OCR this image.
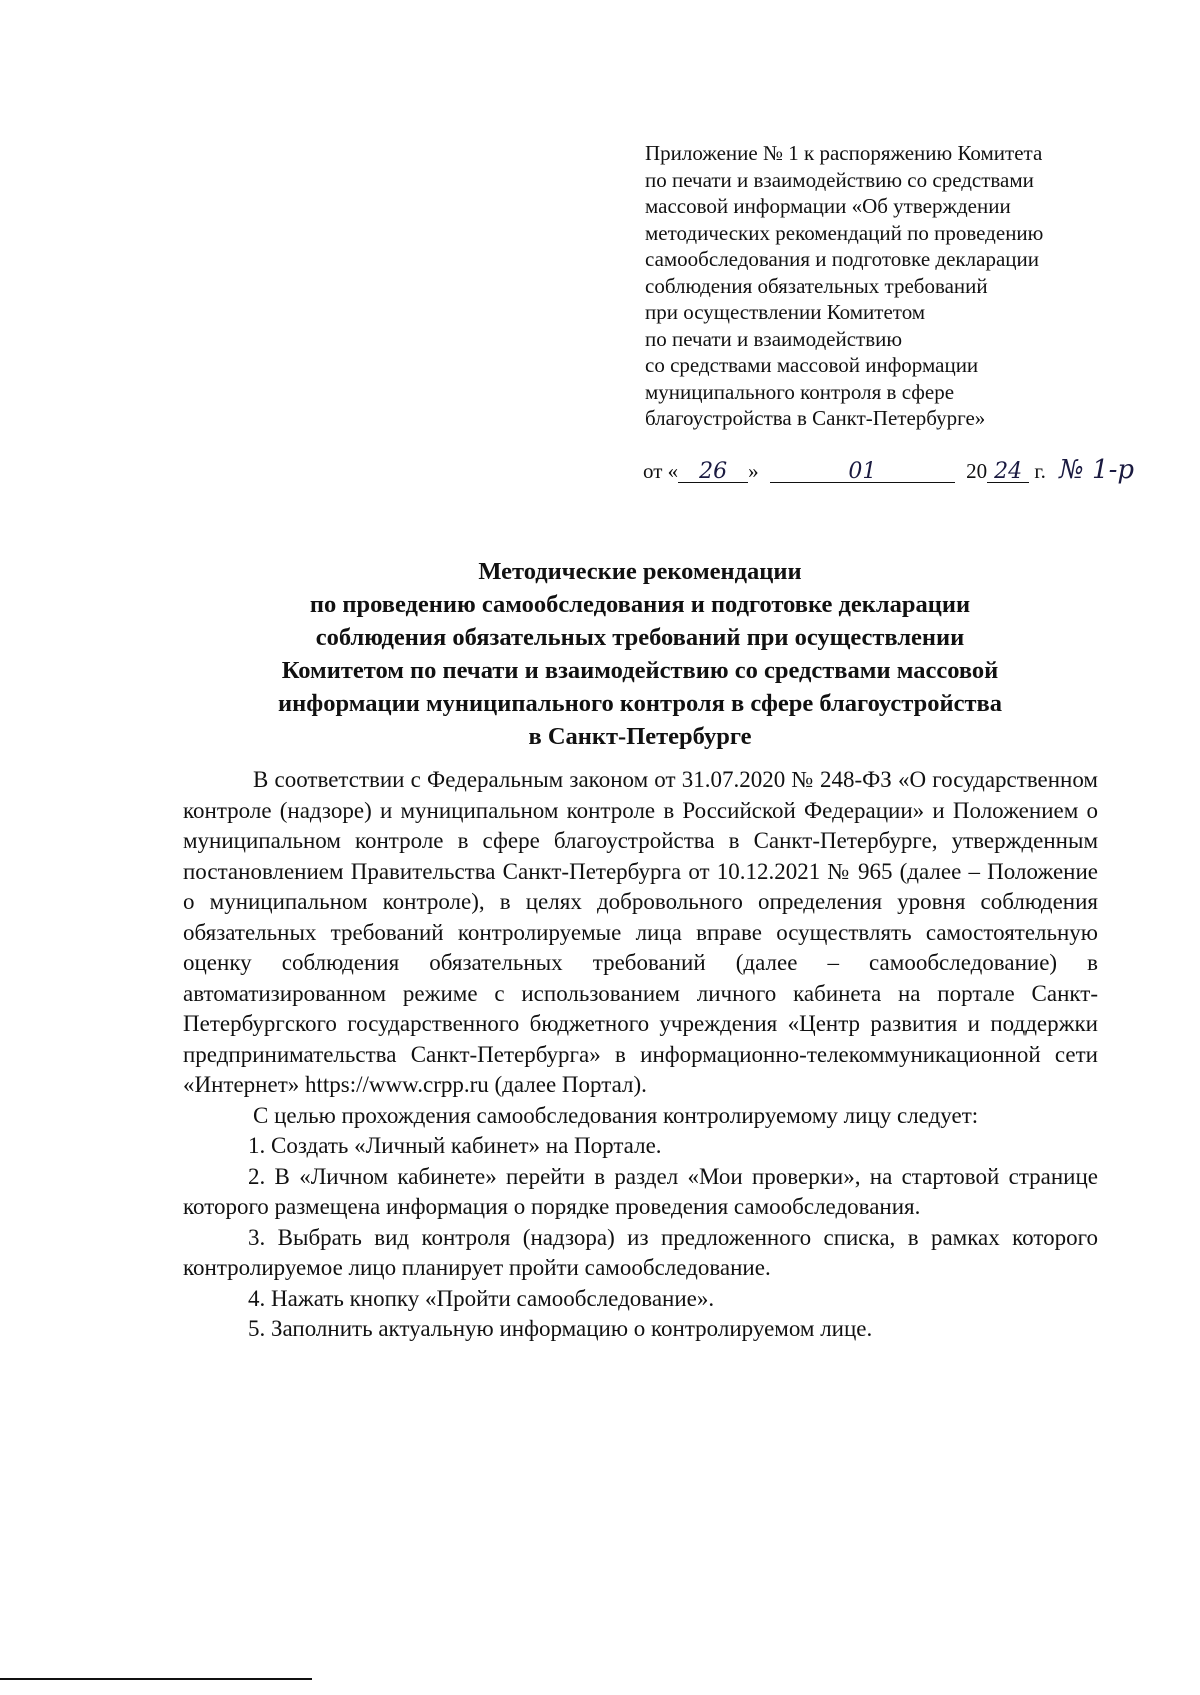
Приложение № 1 к распоряжению Комитета
по печати и взаимодействию со средствами
массовой информации «Об утверждении
методических рекомендаций по проведению
самообследования и подготовке декларации
соблюдения обязательных требований
при осуществлении Комитетом
по печати и взаимодействию
со средствами массовой информации
муниципального контроля в сфере
благоустройства в Санкт-Петербурге»
от « 26 »	01	20 24 г. № 1-р
Методические рекомендации
по проведению самообследования и подготовке декларации
соблюдения обязательных требований при осуществлении
Комитетом по печати и взаимодействию со средствами массовой
информации муниципального контроля в сфере благоустройства
в Санкт-Петербурге

В соответствии с Федеральным законом от 31.07.2020 № 248-ФЗ «О государственном контроле (надзоре) и муниципальном контроле в Российской Федерации» и Положением о муниципальном контроле в сфере благоустройства в Санкт-Петербурге, утвержденным постановлением Правительства Санкт-Петербурга от 10.12.2021 № 965 (далее – Положение о муниципальном контроле), в целях добровольного определения уровня соблюдения обязательных требований контролируемые лица вправе осуществлять самостоятельную оценку соблюдения обязательных требований (далее – самообследование) в автоматизированном режиме с использованием личного кабинета на портале Санкт-Петербургского государственного бюджетного учреждения «Центр развития и поддержки предпринимательства Санкт-Петербурга» в информационно-телекоммуникационной сети «Интернет» https://www.crpp.ru (далее Портал).

С целью прохождения самообследования контролируемому лицу следует:

1. Создать «Личный кабинет» на Портале.

2. В «Личном кабинете» перейти в раздел «Мои проверки», на стартовой странице которого размещена информация о порядке проведения самообследования.

3. Выбрать вид контроля (надзора) из предложенного списка, в рамках которого контролируемое лицо планирует пройти самообследование.

4. Нажать кнопку «Пройти самообследование».

5. Заполнить актуальную информацию о контролируемом лице.
